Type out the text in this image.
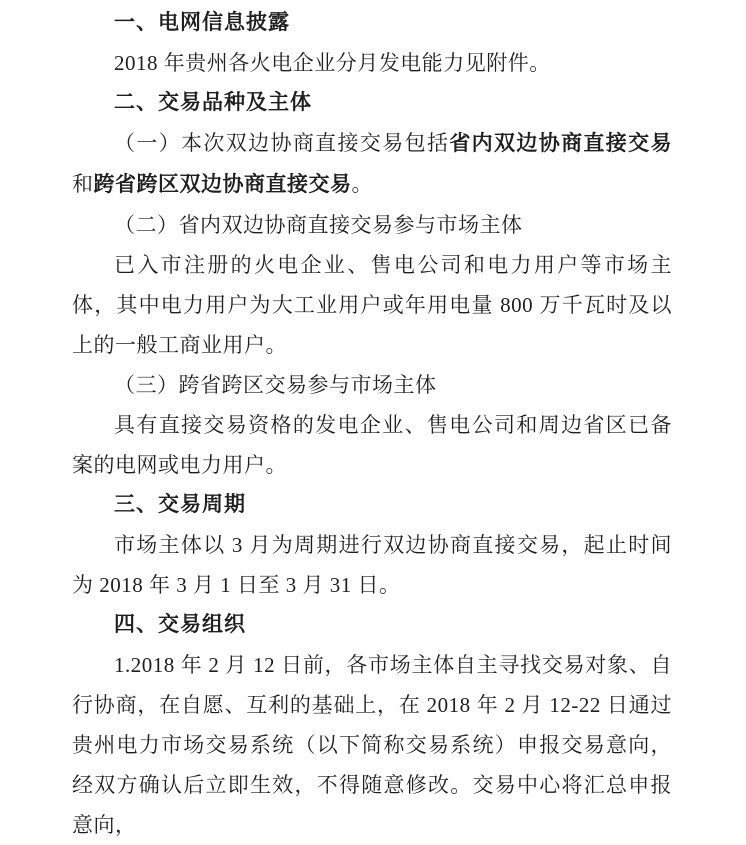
一、电网信息披露

2018 年贵州各火电企业分月发电能力见附件。

二、交易品种及主体

（一）本次双边协商直接交易包括省内双边协商直接交易和跨省跨区双边协商直接交易。

（二）省内双边协商直接交易参与市场主体

已入市注册的火电企业、售电公司和电力用户等市场主体，其中电力用户为大工业用户或年用电量 800 万千瓦时及以上的一般工商业用户。

（三）跨省跨区交易参与市场主体

具有直接交易资格的发电企业、售电公司和周边省区已备案的电网或电力用户。

三、交易周期

市场主体以 3 月为周期进行双边协商直接交易，起止时间为 2018 年 3 月 1 日至 3 月 31 日。

四、交易组织

1.2018 年 2 月 12 日前，各市场主体自主寻找交易对象、自行协商，在自愿、互利的基础上，在 2018 年 2 月 12-22 日通过贵州电力市场交易系统（以下简称交易系统）申报交易意向，经双方确认后立即生效，不得随意修改。交易中心将汇总申报意向，
